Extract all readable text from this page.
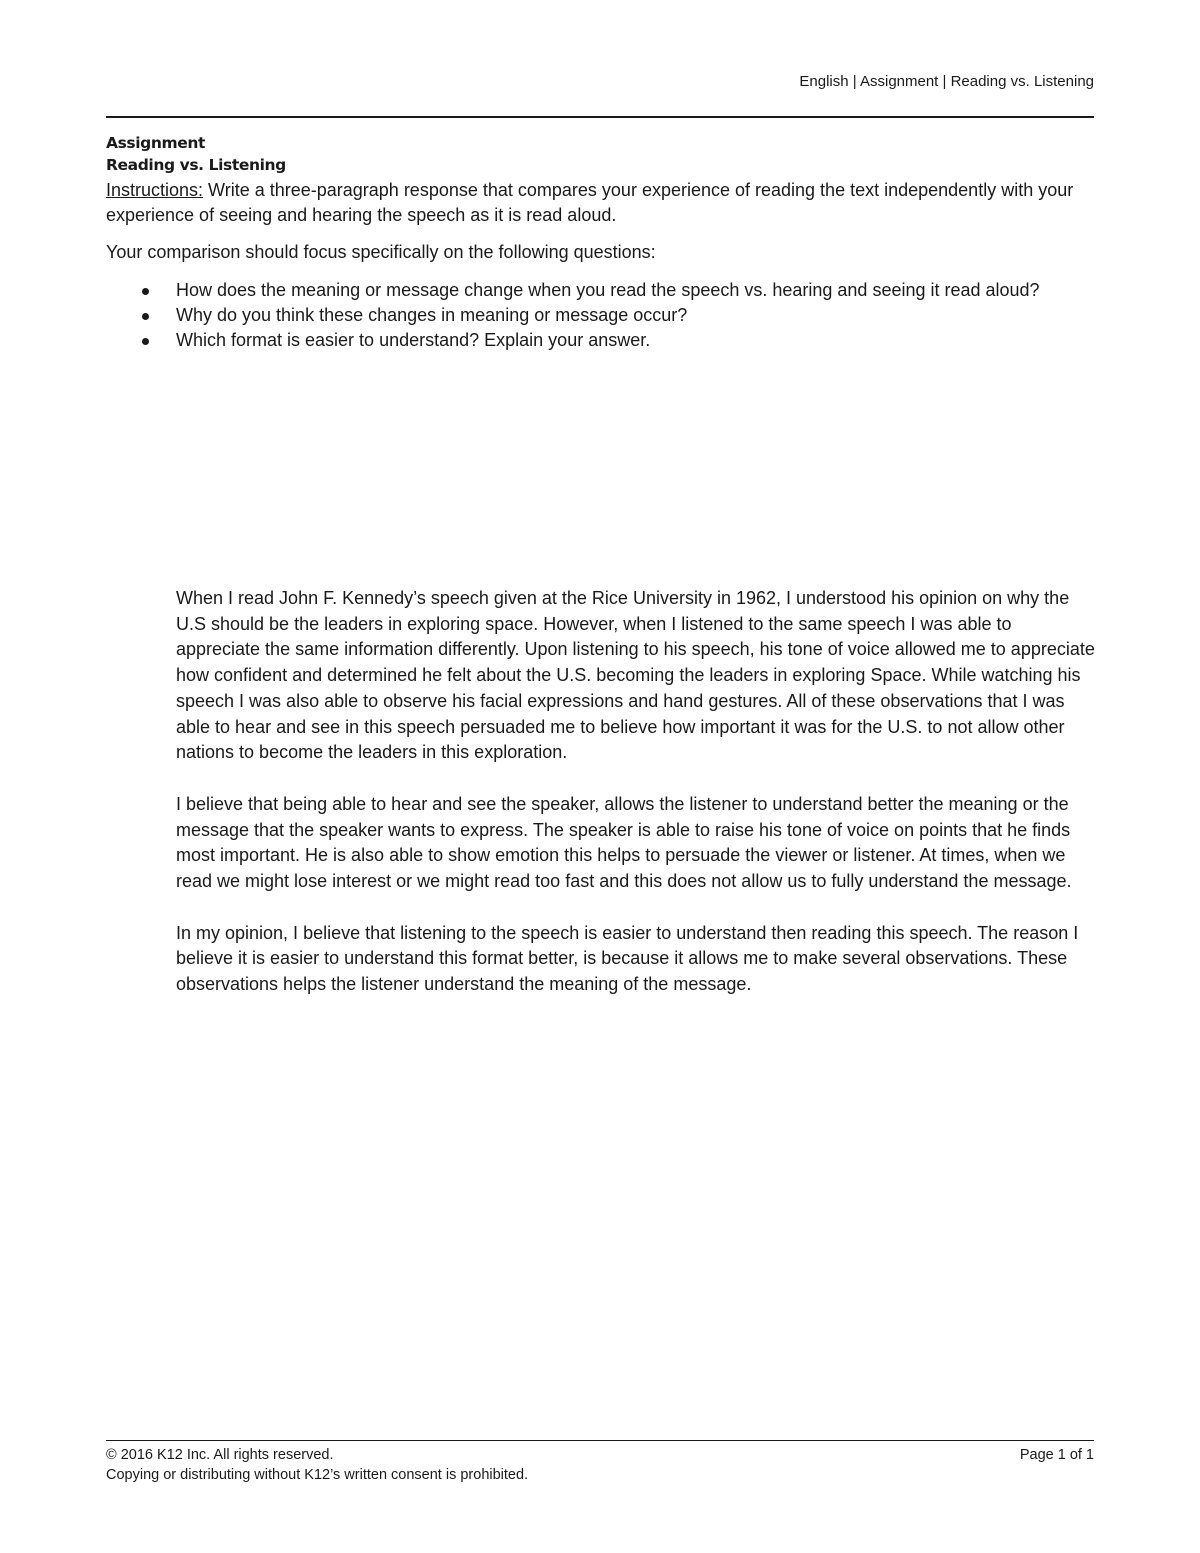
English | Assignment | Reading vs. Listening

Assignment

Reading vs. Listening

Instructions: Write a three-paragraph response that compares your experience of reading the text independently with your experience of seeing and hearing the speech as it is read aloud.

Your comparison should focus specifically on the following questions:

How does the meaning or message change when you read the speech vs. hearing and seeing it read aloud?
Why do you think these changes in meaning or message occur?
Which format is easier to understand? Explain your answer.

When I read John F. Kennedy’s speech given at the Rice University in 1962, I understood his opinion on why the U.S should be the leaders in exploring space. However, when I listened to the same speech I was able to appreciate the same information differently. Upon listening to his speech, his tone of voice allowed me to appreciate how confident and determined he felt about the U.S. becoming the leaders in exploring Space. While watching his speech I was also able to observe his facial expressions and hand gestures. All of these observations that I was able to hear and see in this speech persuaded me to believe how important it was for the U.S. to not allow other nations to become the leaders in this exploration.

I believe that being able to hear and see the speaker, allows the listener to understand better the meaning or the message that the speaker wants to express. The speaker is able to raise his tone of voice on points that he finds most important. He is also able to show emotion this helps to persuade the viewer or listener. At times, when we read we might lose interest or we might read too fast and this does not allow us to fully understand the message.

In my opinion, I believe that listening to the speech is easier to understand then reading this speech. The reason I believe it is easier to understand this format better, is because it allows me to make several observations. These observations helps the listener understand the meaning of the message.

© 2016 K12 Inc. All rights reserved.	Page 1 of 1
Copying or distributing without K12’s written consent is prohibited.
